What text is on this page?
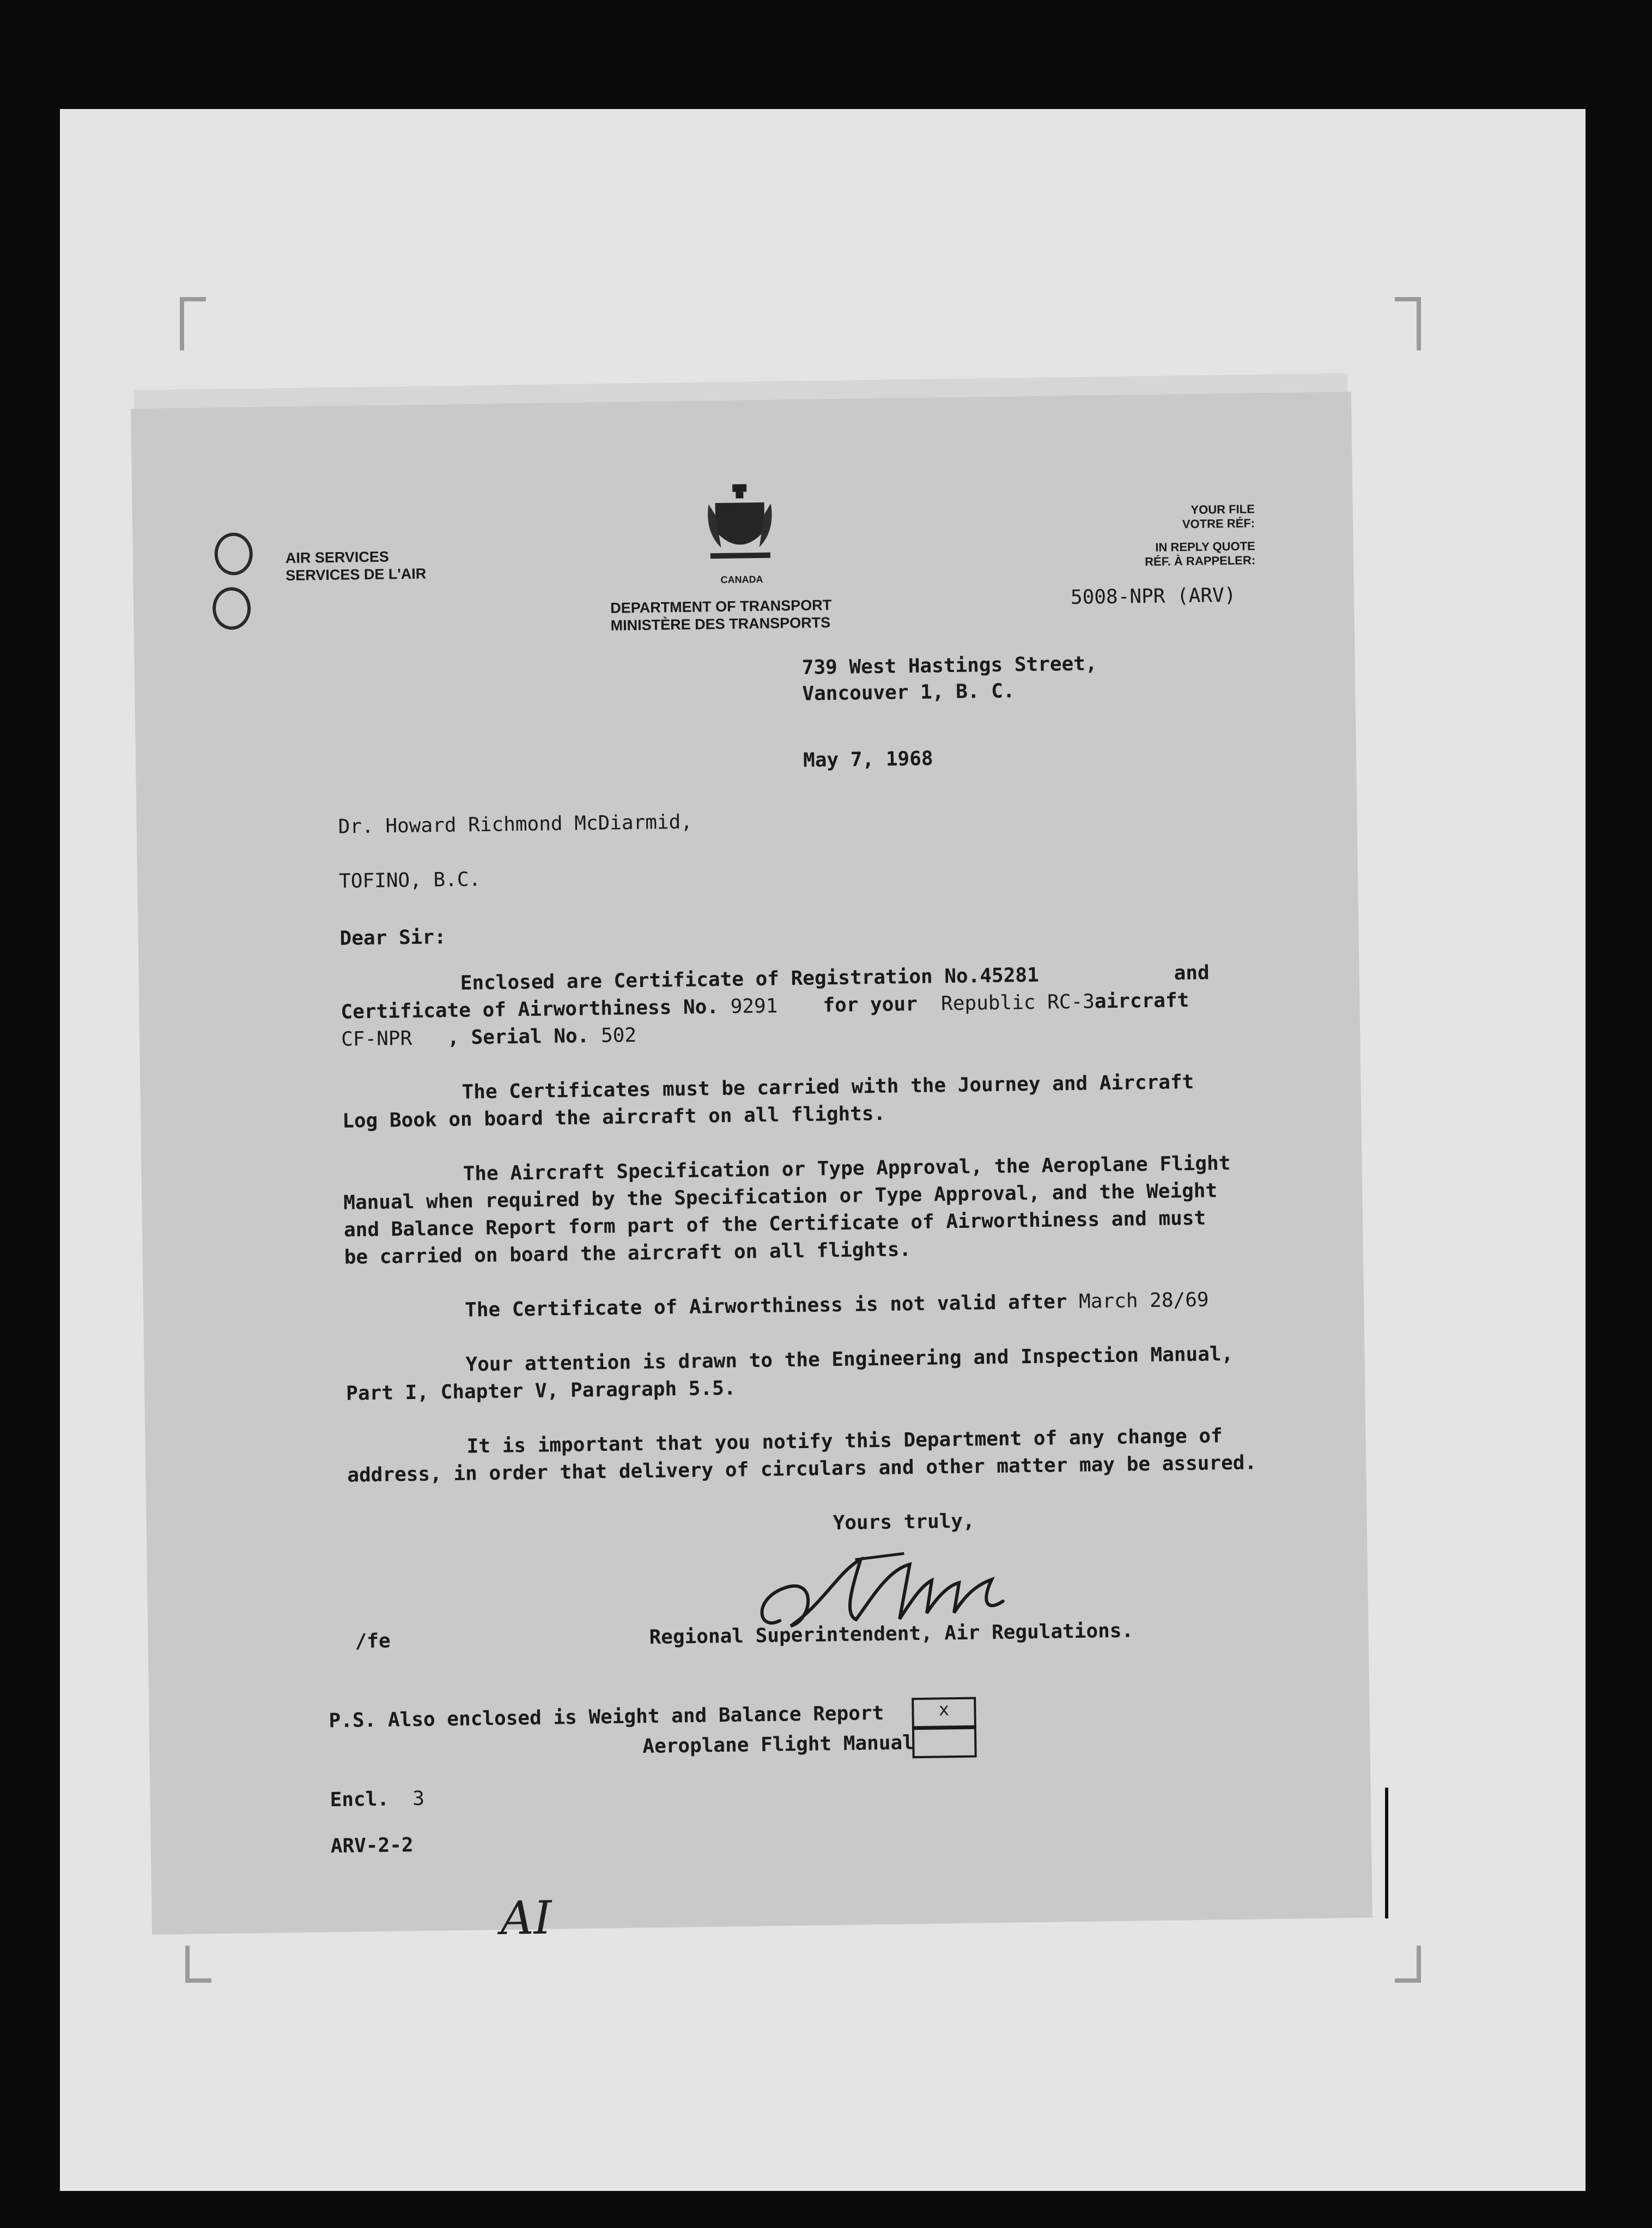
AIR SERVICES
SERVICES DE L'AIR	CANADA
DEPARTMENT OF TRANSPORT
MINISTÈRE DES TRANSPORTS
YOUR FILE
VOTRE RÉF:
IN REPLY QUOTE
RÉF. À RAPPELER:
5008-NPR (ARV)
739 West Hastings Street,
Vancouver 1, B. C.
May 7, 1968
Dr. Howard Richmond McDiarmid,
TOFINO, B.C.
Dear Sir:
Enclosed are Certificate of Registration No.45281	and
Certificate of Airworthiness No. 9291 for your Republic RC-3aircraft
CF-NPR , Serial No. 502
The Certificates must be carried with the Journey and Aircraft
Log Book on board the aircraft on all flights.
The Aircraft Specification or Type Approval, the Aeroplane Flight
Manual when required by the Specification or Type Approval, and the Weight
and Balance Report form part of the Certificate of Airworthiness and must
be carried on board the aircraft on all flights.
The Certificate of Airworthiness is not valid after March 28/69
Your attention is drawn to the Engineering and Inspection Manual,
Part I, Chapter V, Paragraph 5.5.
It is important that you notify this Department of any change of
address, in order that delivery of circulars and other matter may be assured.
Yours truly,
/fe	Regional Superintendent, Air Regulations.
P.S. Also enclosed is Weight and Balance Report	x
Aeroplane Flight Manual
Encl. 3
ARV-2-2
AI
